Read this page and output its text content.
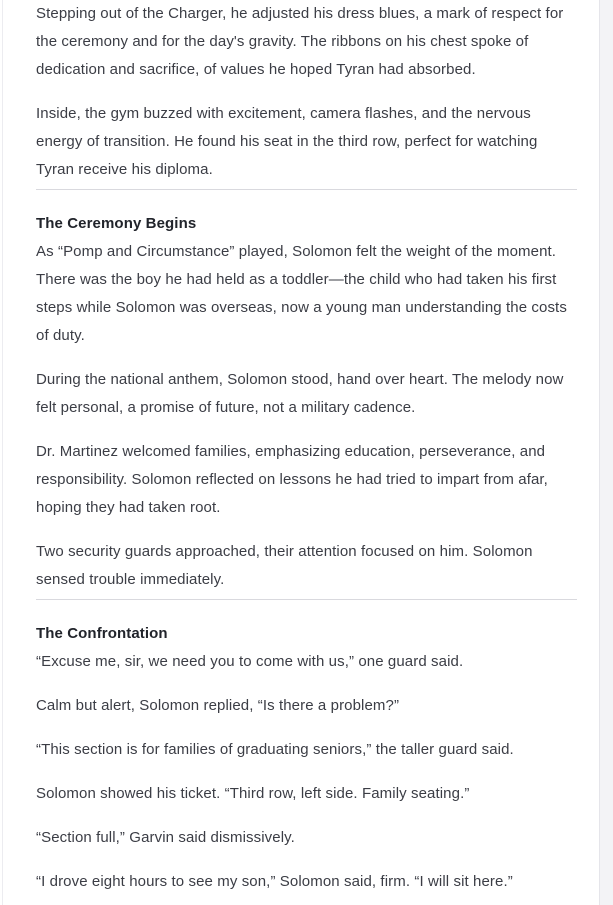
Stepping out of the Charger, he adjusted his dress blues, a mark of respect for the ceremony and for the day's gravity. The ribbons on his chest spoke of dedication and sacrifice, of values he hoped Tyran had absorbed.

Inside, the gym buzzed with excitement, camera flashes, and the nervous energy of transition. He found his seat in the third row, perfect for watching Tyran receive his diploma.

The Ceremony Begins
As “Pomp and Circumstance” played, Solomon felt the weight of the moment. There was the boy he had held as a toddler—the child who had taken his first steps while Solomon was overseas, now a young man understanding the costs of duty.

During the national anthem, Solomon stood, hand over heart. The melody now felt personal, a promise of future, not a military cadence.

Dr. Martinez welcomed families, emphasizing education, perseverance, and responsibility. Solomon reflected on lessons he had tried to impart from afar, hoping they had taken root.

Two security guards approached, their attention focused on him. Solomon sensed trouble immediately.

The Confrontation
“Excuse me, sir, we need you to come with us,” one guard said.

Calm but alert, Solomon replied, “Is there a problem?”

“This section is for families of graduating seniors,” the taller guard said.

Solomon showed his ticket. “Third row, left side. Family seating.”

“Section full,” Garvin said dismissively.

“I drove eight hours to see my son,” Solomon said, firm. “I will sit here.”
